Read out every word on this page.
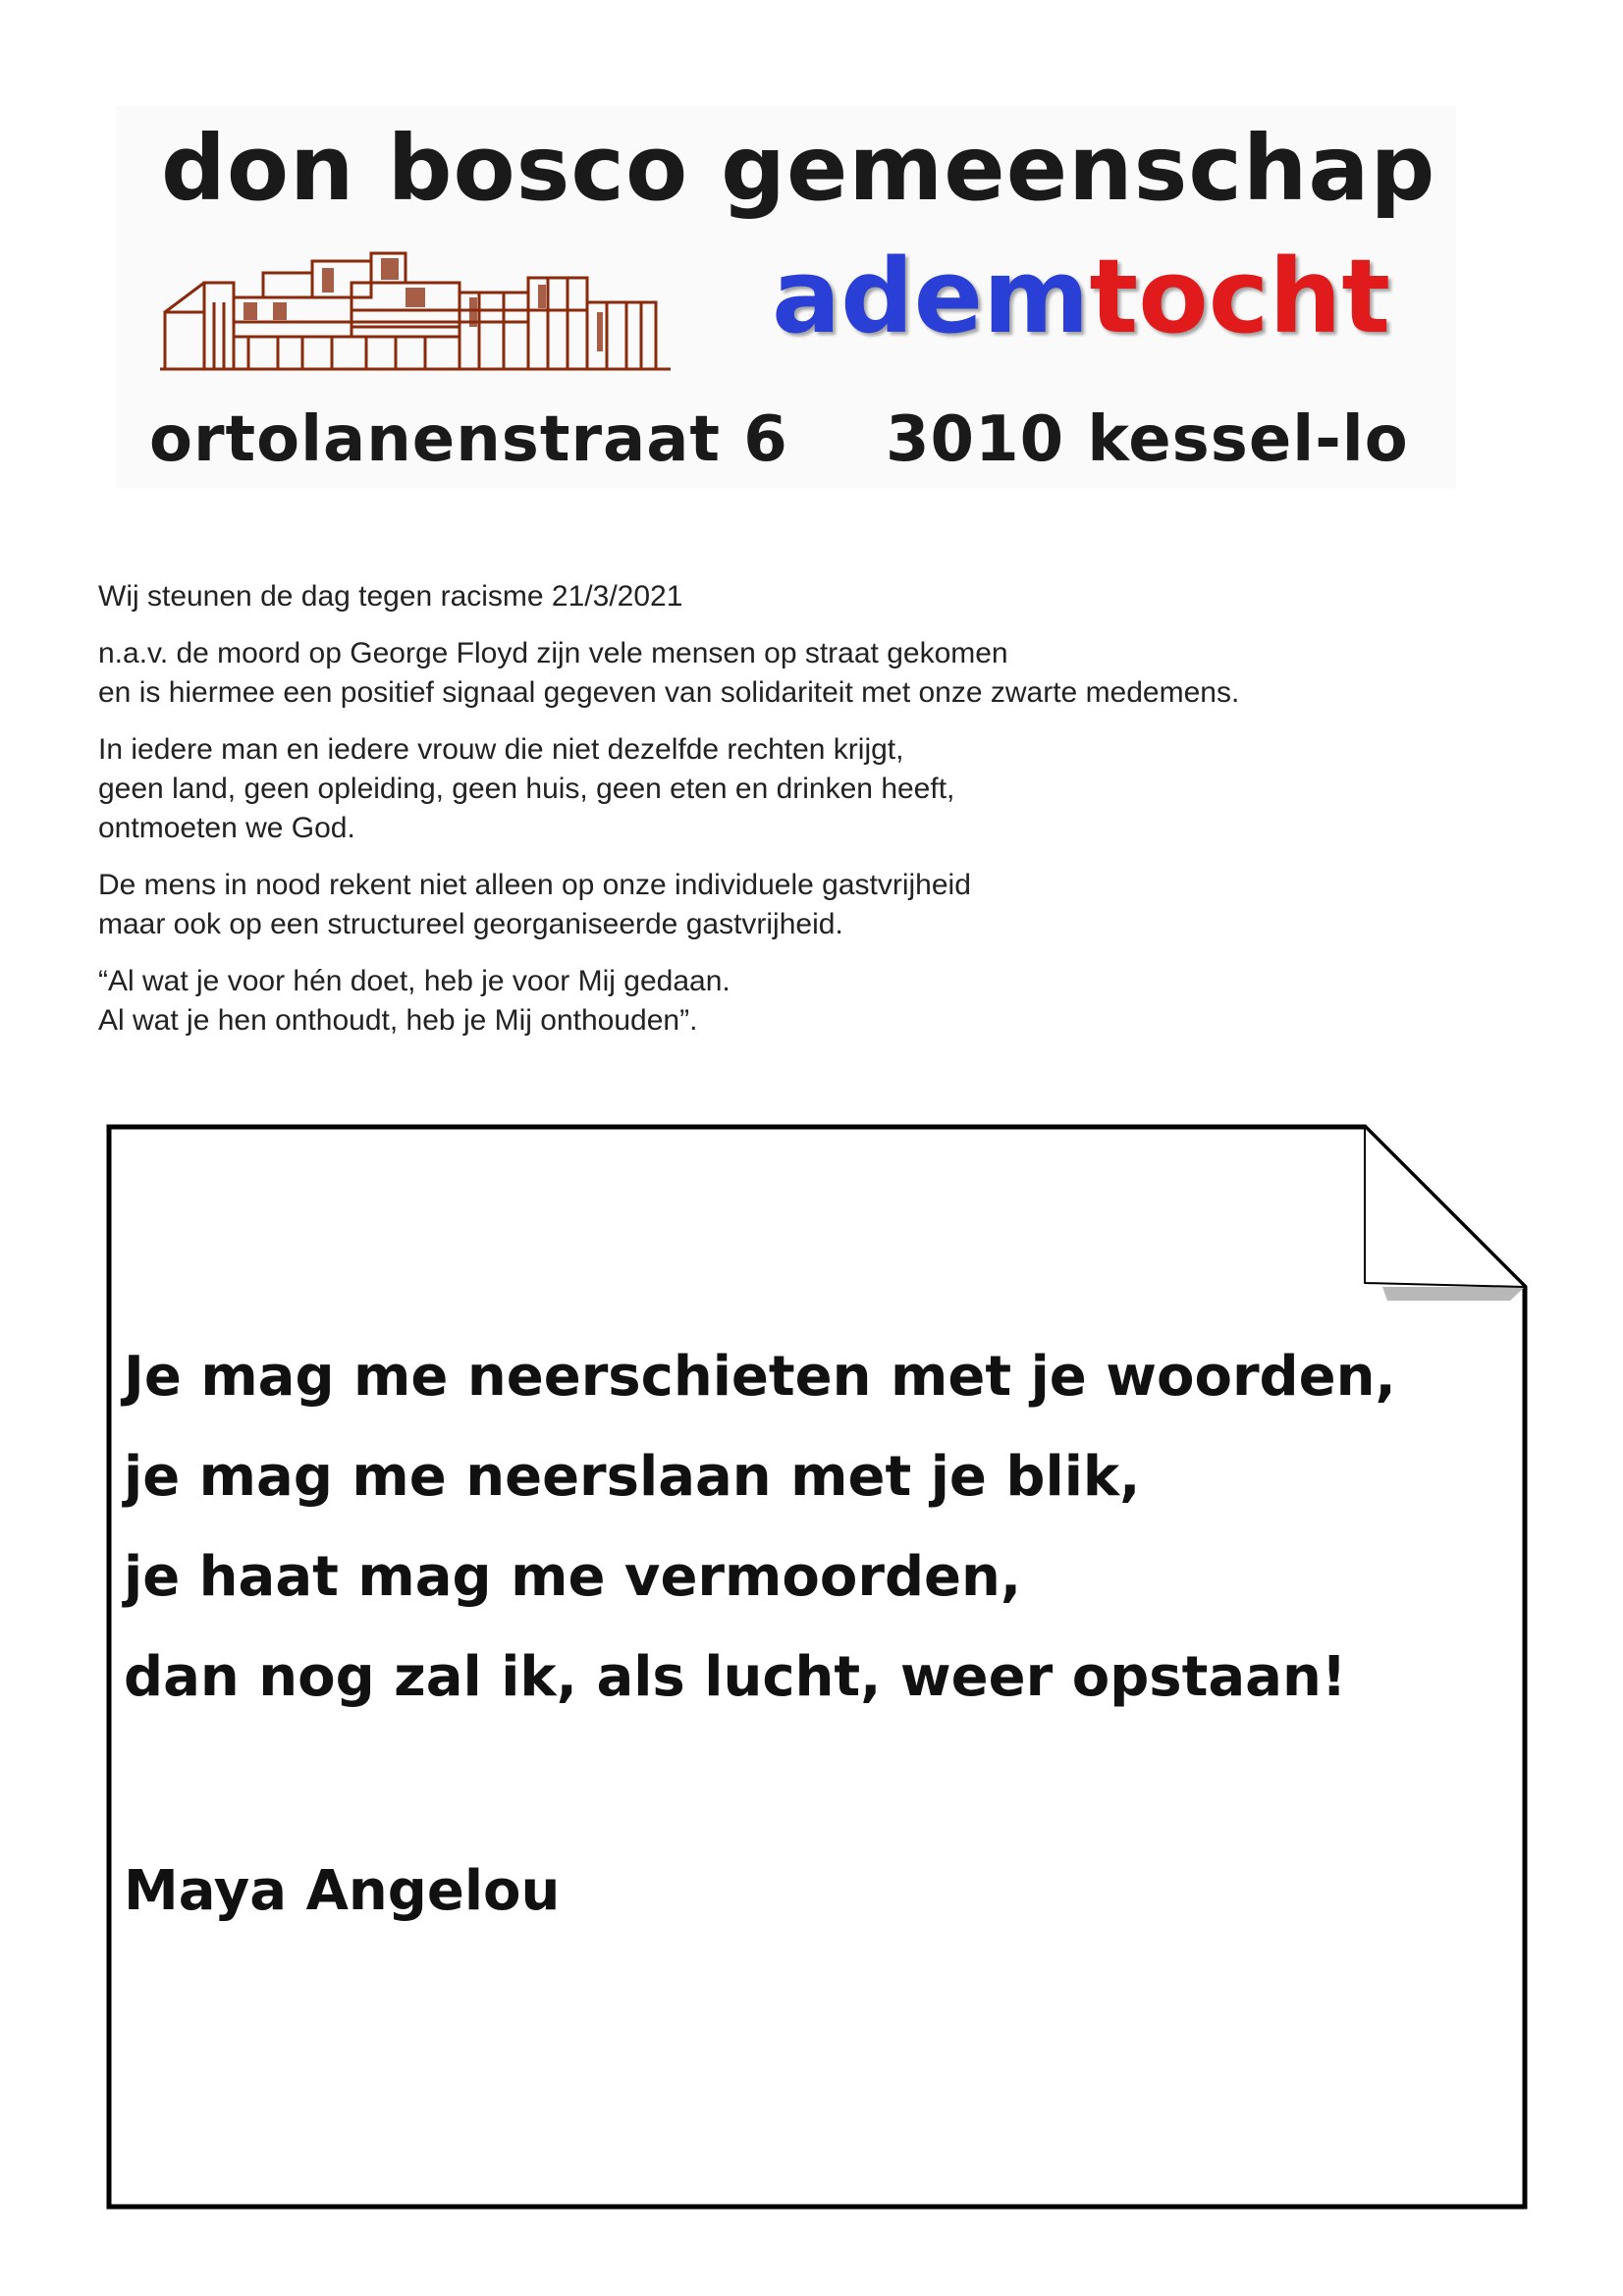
don bosco gemeenschap
ademtocht
ortolanenstraat 6 3010 kessel-lo

Wij steunen de dag tegen racisme 21/3/2021

n.a.v. de moord op George Floyd zijn vele mensen op straat gekomen
en is hiermee een positief signaal gegeven van solidariteit met onze zwarte medemens.

In iedere man en iedere vrouw die niet dezelfde rechten krijgt,
geen land, geen opleiding, geen huis, geen eten en drinken heeft,
ontmoeten we God.

De mens in nood rekent niet alleen op onze individuele gastvrijheid
maar ook op een structureel georganiseerde gastvrijheid.

“Al wat je voor hén doet, heb je voor Mij gedaan.
Al wat je hen onthoudt, heb je Mij onthouden”.

Je mag me neerschieten met je woorden,
je mag me neerslaan met je blik,
je haat mag me vermoorden,
dan nog zal ik, als lucht, weer opstaan!
Maya Angelou
